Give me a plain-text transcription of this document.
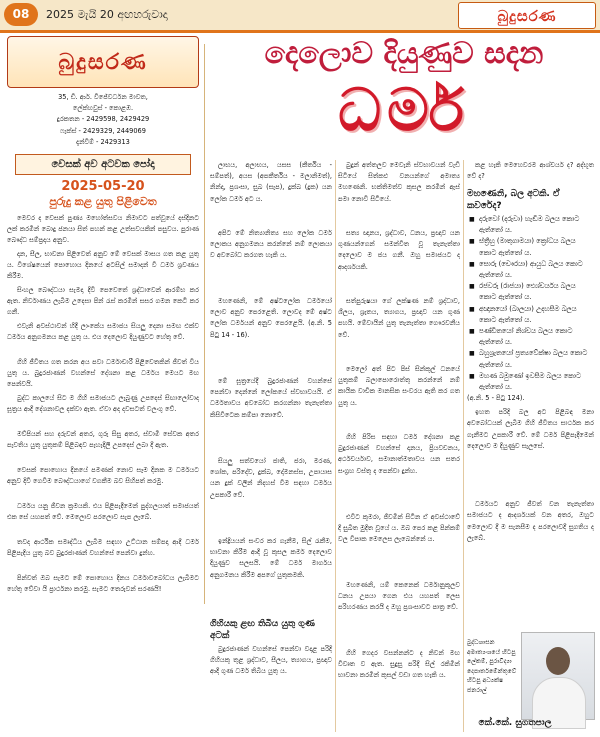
08	2025 මැයි 20 අඟහරුවාදා	බුදුසරණ
බුදුසරණ
35, ඩී. ආර්. විජේවර්ධන මාවත,
ලේක්හවුස් - කොළඹ.
දුරකතන - 2429598, 2429429
ෆැක්ස් - 2429329, 2449069
දැන්වීම් - 2429313
වෙසක් අව අටවක පෝදා
2025-05-20
පුරුදු කළ යුතු පිළිවෙත

මෙවර ද වෙසක් පුණ්‍ය මහෝත්සවය නිමාවට පත්වූයේ දස්දිනට ලක් කරමින් බොදු ජනයා සිත් පහන් කළ උත්සවයකින් පසුවය. පුරාණ බෞද්ධ සම්ප්‍රදාය අනුව.

දාන, සීල, භාවනා පිළිවෙත් අනුව මේ වෙසක් මාසය ගත කළ යුතු ය. විශේෂයෙන් පොහොය දිනයේ අටසිල් සමාදන් වී ධර්ම ශ්‍රවණය කිරීම.

සිංහල බෞද්ධයා සැමදා දිවි පෙවෙතේ ශ්‍රද්ධාවෙන් ආරම්භ කර ඇත. නිර්වාණය ලැබීම උදෙසා පින් රැස් කරමින් සසර ගමන කෙටි කර ගනී.

එවැනි අවස්ථාවන් හිදී ලාංකේය සමාජය සියලු දෙනා සමඟ එක්ව ධර්මය අනුගමනය කළ යුතු ය. එය දෙලොව දියුණුවට හේතු වේ.

ගිහි ජීවිතය ගත කරන අය පවා ධර්මාචාරී පිළිවෙතකින් ජීවත් විය යුතු ය. බුදුරජාණන් වහන්සේ දේශනා කළ ධර්මය මෙයට මඟ පෙන්වයි.

බුද්ධ කාලයේ සිට ම ගිහි සමාජයට ලැබුණු උපදෙස් සිඟාලෝවාද සූත්‍රය ආදී දේශනාවල දක්වා ඇත. ඒවා අද දවසටත් වලංගු වේ.

මව්පියන් සහ දරුවන් අතර, ගුරු සිසු අතර, ස්වාමි සේවක අතර පැවතිය යුතු යුතුකම් පිළිබඳව පැහැදිලි උපදෙස් ලබා දී ඇත.

වෙසක් පොහොය දිනයේ පමණක් නොව සෑම දිනක ම ධර්මයට අනුව දිවි ගෙවීම බෞද්ධයාගේ වගකීම බව සිහිපත් කරමු.

ධර්මය යනු ජීවන ක්‍රමයකි. එය පිළිපැදීමෙන් පුද්ගලයාත් සමාජයත් එක සේ යහපත් වේ. මෙලොව පරලොව සැප ලැබේ.

තවද ආර්ථික සමෘද්ධිය ලැබීම සඳහා උට්ඨාන සම්පදා ආදී ධර්ම පිළිපැදිය යුතු බව බුදුරජාණන් වහන්සේ පෙන්වා දුන්හ.

පින්වත් ඔබ සැමට මේ පොහොය දිනය ධර්මාවබෝධය ලැබීමට හේතු වේවා යි ප්‍රාර්ථනා කරමු. සැමට තෙරුවන් සරණයි!

දෙලොව දියුණුව සදන
ධර්ම

ලාභය, අලාභය, යසස (කීර්තිය - සම්පත්), අයස (අපකීර්තිය - මලානිමත්), නින්දා, ප්‍රශංසා, සුඛ (සැප), දුක්ඛ (දුක) යන ලෝක ධර්ම අට ය.

අපිට මේ නිත්‍යානිත්‍ය සහ ලෝක ධර්ම ලොකය අනුගමනය කරන්නේ නම් ලොකයා ව අවබෝධ කරගත හැකි ය.

මහණෙනි, මේ අෂ්ටලෝක ධර්මයෝ ලොව අනුව පෙරළෙති. ලොවද මේ අෂ්ට ලෝක ධර්මයන් අනුව පෙරළෙයි. (අ.නි. 5 පිටු 14 - 16).

මේ සූත්‍රයේදී බුදුරජාණන් වහන්සේ පෙන්වා දෙන්නේ ලෝකයේ ස්වභාවයයි. ඒ ධර්මතාවය අවබෝධ කරගන්නා තැනැත්තා කිසිවිටෙක කම්පා නොවේ.

සියලු සත්වයෝ ජාති, ජරා, මරණ, ශෝක, පරිදේව, දුක්ඛ, දෝමනස්ස, උපායාස යන දුක් වලින් නිදහස් වීම සඳහා ධර්මය උපකාරී වේ.

ඉන්ද්‍රියයන් සංවර කර ගැනීම, සිල් රැකීම, භාවනා කිරීම ආදී වූ කුසල කර්ම දෙලොව දියුණුව සලසයි. මේ ධර්ම මාර්ගය අනුගමනය කිරීම අපගේ යුතුකමකි.

ගිහියකු ළඟ තිබිය යුතු ගුණ අටක්

බුදුරජාණන් වහන්සේ පෙන්වා වදාළ පරිදි ගිහියකු තුළ ශ්‍රද්ධාව, සීලය, ත්‍යාගය, ප්‍රඥාව ආදී ගුණ ධර්ම තිබිය යුතු ය.

බුදුන් අත්තලව මෙවැනි ස්වභාවයන් වැඩි සිටියේ සිත්කළු වනයන්ගේ අමාත්‍ය මහණෙනි. භක්තිමත්ව කුසල කරමින් ඇස් පමා නොවී සිටියේ.

සත්‍ය ඥානය, ශ්‍රද්ධාව, ධනය, ප්‍රඥාව යන ගුණයන්ගෙන් සමන්විත වූ තැනැත්තා දෙලොව ම ජය ගනී. ඔහු සමාජයට ද ආදර්ශයකි.

සත්පුරුෂයා ගේ ලක්ෂණ නම් ශ්‍රද්ධාව, ශීලය, ශ්‍රැතය, ත්‍යාගය, ප්‍රඥාව යන ගුණ පහයි. මේවායින් යුතු තැනැත්තා ගෞරවනීය වේ.

මෙලෝ අත් පිට පිස් සින්කුල් ධනයේ යුතුකම් බලාපොරොත්තු කරන්නේ නම් කායික වාචික මානසික සංවරය ඇති කර ගත යුතු ය.

ගිහි පිරිස සඳහා ධර්ම දේශනා කළ බුදුරජාණන් වහන්සේ දානය, ප්‍රියවචනය, අර්ථචර්යාව, සමානාත්මතාවය යන සතර සංග්‍රහ වස්තු ද පෙන්වා දුන්හ.

එවිට කුමරා, ජීවමින් සිටින ඒ අවස්ථාවේ දී සුඛිත මුදිත වූයේ ය. ඔබ පෙර කළ පින්කම් වල විපාක මෙලෙස ලැබෙන්නේ ය.

මහණෙනි, යම් කෙනෙක් ධර්මානුකූලව ධනය උපයා ගෙන එය යහපත් ලෙස පරිහරණය කරයි ද ඔහු ප්‍රශංසාවට පාත්‍ර වේ.

ගිහි ගෙදර වසන්නන්ට ද නිවන් මඟ විවෘත ව ඇත. සුදුසු පරිදි සිල් රකිමින් භාවනා කරමින් කුසල් වඩා ගත හැකි ය.

කළ හැකි මෙහෙවරම ආශ්චර්ය ද? අද්භූත වේ ද?

මහණෙනි, බල අටකි. ඒ කවරේද?
■ දරුවෝ (දරුවා) හැඬීම බලය කොට ඇත්තෝ ය.
■ ස්ත්‍රීහු (මාතුගාමයා) ක්‍රෝධය බලය කොට ඇත්තෝ ය.
■ සොරු (චෞරයා) ආයුධ බලය කොට ඇත්තෝ ය.
■ රජවරු (රාජයා) ඓශ්චර්යය බලය කොට ඇත්තෝ ය.
■ අඥානයෝ (බාලයා) උදහසීම බලය කොට ඇත්තෝ ය.
■ පණ්ඩිතයෝ නිශ්චය බලය කොට ඇත්තෝ ය.
■ බහුශ්‍රැතයෝ ප්‍රත්‍යවේක්ෂා බලය කොට ඇත්තෝ ය.
■ මහණ බමුණෝ ඉවසීම බලය කොට ඇත්තෝ ය.

(අ.නි. 5 - පිටු 124).

ඉහත පරිදි බල අට පිළිබඳ මනා අවබෝධයක් ලැබීම ගිහි ජීවිතය සාර්ථක කර ගැනීමට උපකාරී වේ. මේ ධර්ම පිළිපැදීමෙන් දෙලොව ම දියුණුව සැලසේ.

ධර්මයට අනුව ජීවත් වන තැනැත්තා සමාජයට ද ආදර්ශයක් වන අතර, ඔහුට මෙලොව දී ම සැනසීම ද පරලොවදී සුගතිය ද ලැබේ.

බුද්ධශාසන අමාත්‍යංශයේ හිටපු ලේකම්, පුරාවිද්‍යා දෙපාර්තමේන්තුවේ හිටපු අධ්‍යක්ෂ ජනරාල්
කේ.කේ. සුගතපාල
